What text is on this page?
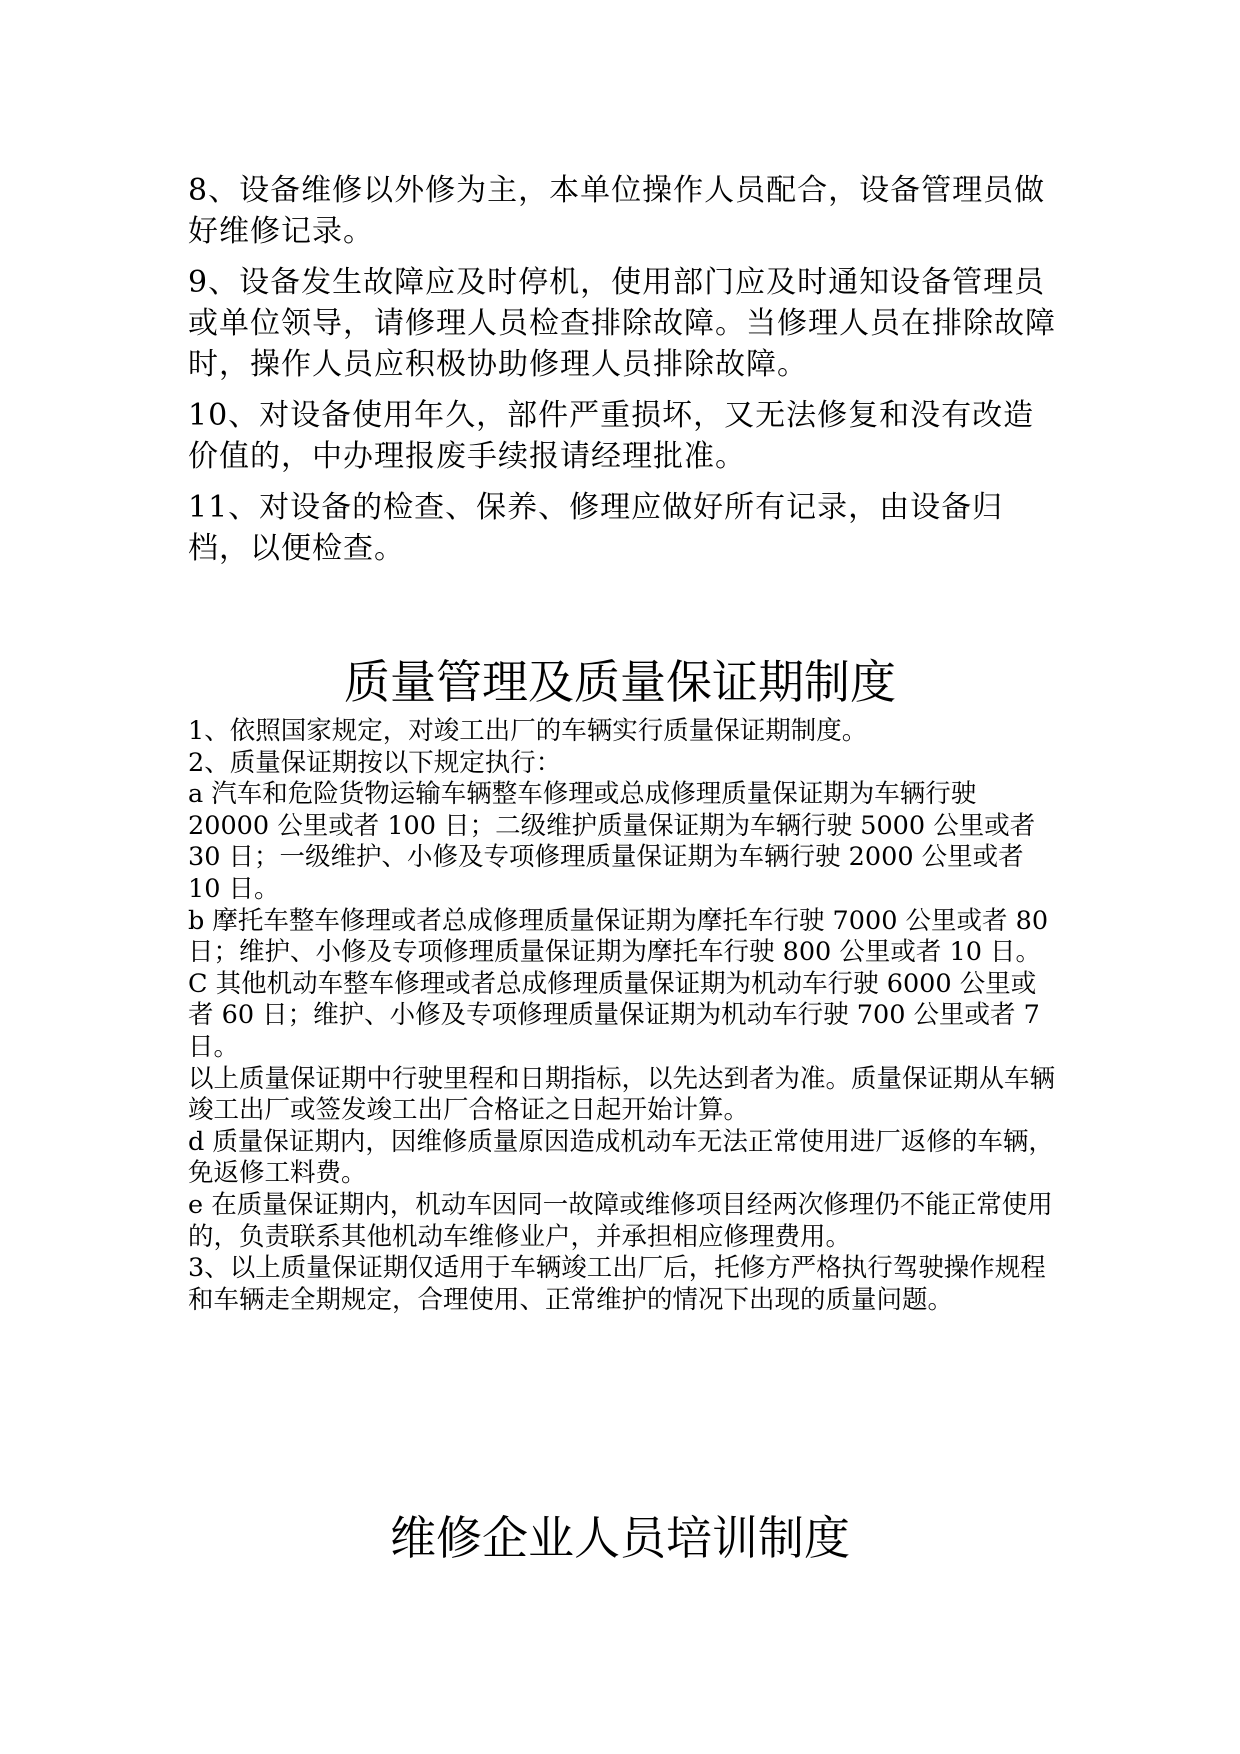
8、设备维修以外修为主，本单位操作人员配合，设备管理员做好维修记录。

9、设备发生故障应及时停机，使用部门应及时通知设备管理员或单位领导，请修理人员检查排除故障。当修理人员在排除故障时，操作人员应积极协助修理人员排除故障。

10、对设备使用年久，部件严重损坏，又无法修复和没有改造价值的，中办理报废手续报请经理批准。

11、对设备的检查、保养、修理应做好所有记录，由设备归档，以便检查。

质量管理及质量保证期制度

1、依照国家规定，对竣工出厂的车辆实行质量保证期制度。

2、质量保证期按以下规定执行：

a 汽车和危险货物运输车辆整车修理或总成修理质量保证期为车辆行驶 20000 公里或者 100 日；二级维护质量保证期为车辆行驶 5000 公里或者 30 日；一级维护、小修及专项修理质量保证期为车辆行驶 2000 公里或者 10 日。

b 摩托车整车修理或者总成修理质量保证期为摩托车行驶 7000 公里或者 80 日；维护、小修及专项修理质量保证期为摩托车行驶 800 公里或者 10 日。

C 其他机动车整车修理或者总成修理质量保证期为机动车行驶 6000 公里或者 60 日；维护、小修及专项修理质量保证期为机动车行驶 700 公里或者 7 日。

以上质量保证期中行驶里程和日期指标，以先达到者为准。质量保证期从车辆竣工出厂或签发竣工出厂合格证之日起开始计算。

d 质量保证期内，因维修质量原因造成机动车无法正常使用进厂返修的车辆，免返修工料费。

e 在质量保证期内，机动车因同一故障或维修项目经两次修理仍不能正常使用的，负责联系其他机动车维修业户，并承担相应修理费用。

3、以上质量保证期仅适用于车辆竣工出厂后，托修方严格执行驾驶操作规程和车辆走全期规定，合理使用、正常维护的情况下出现的质量问题。

维修企业人员培训制度
